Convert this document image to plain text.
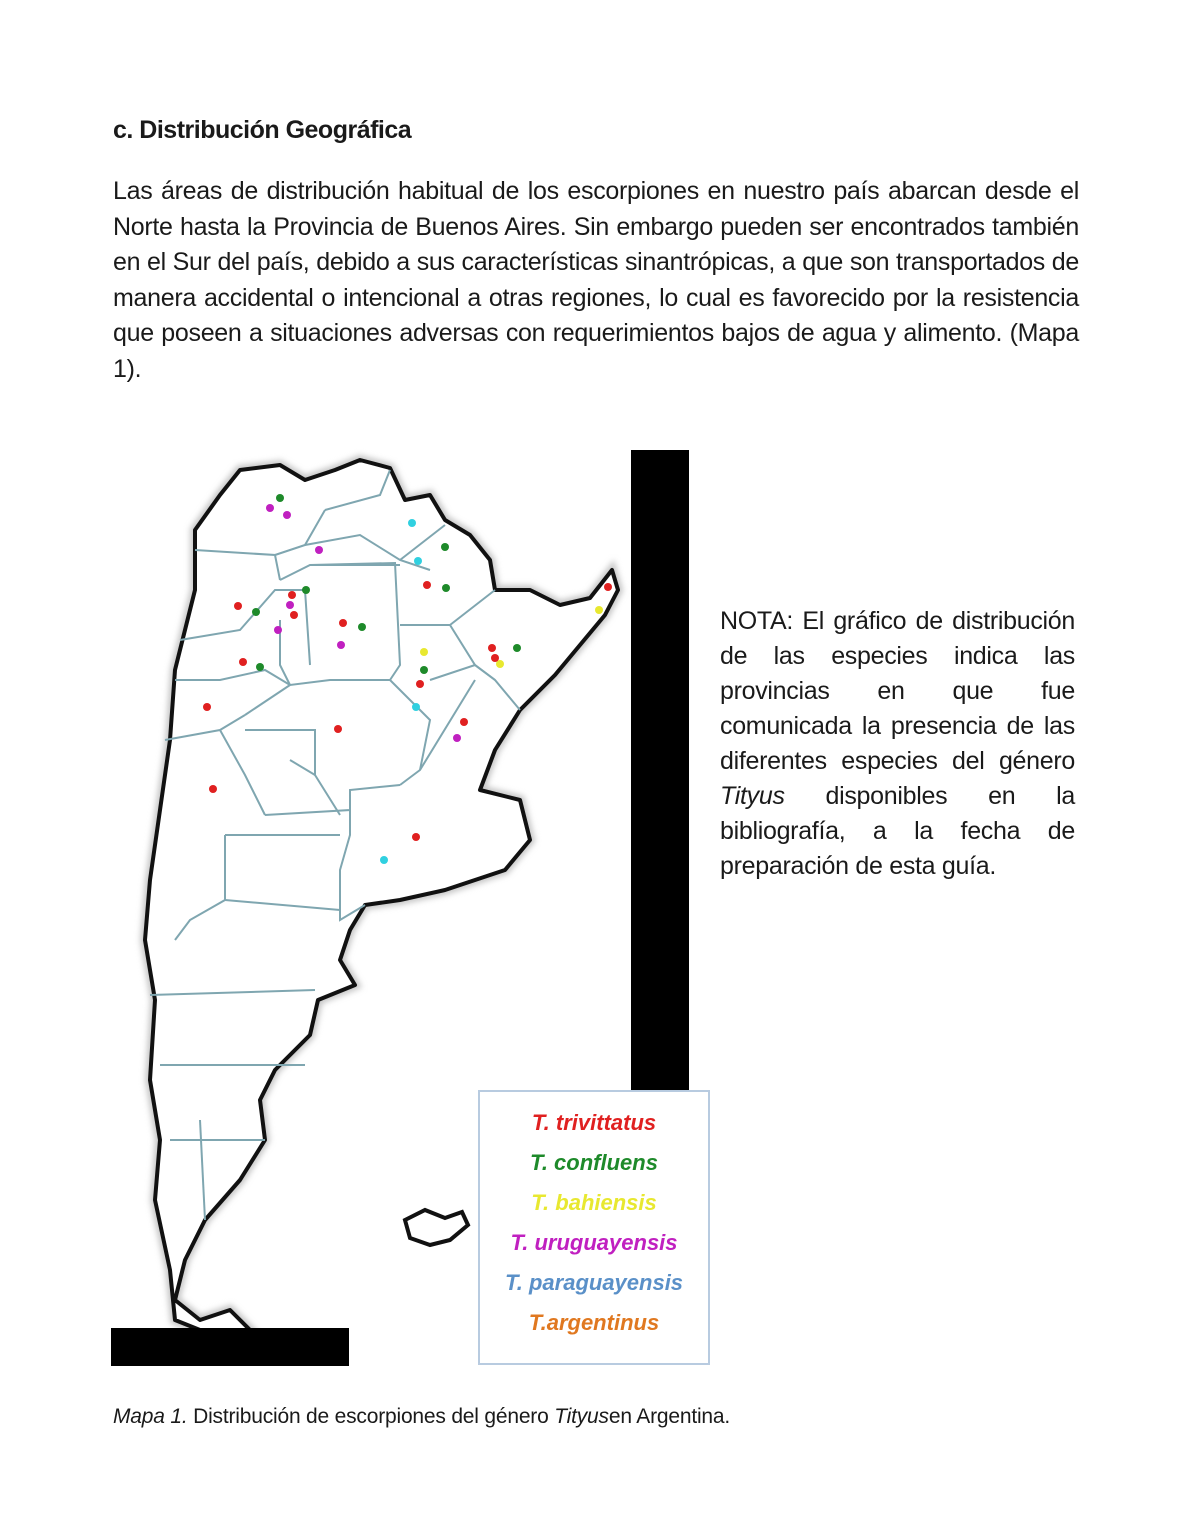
c. Distribución Geográfica
Las áreas de distribución habitual de los escorpiones en nuestro país abarcan desde el Norte hasta la Provincia de Buenos Aires. Sin embargo pueden ser encontrados también en el Sur del país, debido a sus características sinantrópicas, a que son transportados de manera accidental o intencional a otras regiones, lo cual es favorecido por la resistencia que poseen a situaciones adversas con requerimientos bajos de agua y alimento. (Mapa 1).
NOTA: El gráfico de distribución de las especies indica las provincias en que fue comunicada la presencia de las diferentes especies del género Tityus disponibles en la bibliografía, a la fecha de preparación de esta guía.
T. trivittatus
T. confluens
T. bahiensis
T. uruguayensis
T. paraguayensis
T.argentinus
Mapa 1. Distribución de escorpiones del género Tityusen Argentina.
